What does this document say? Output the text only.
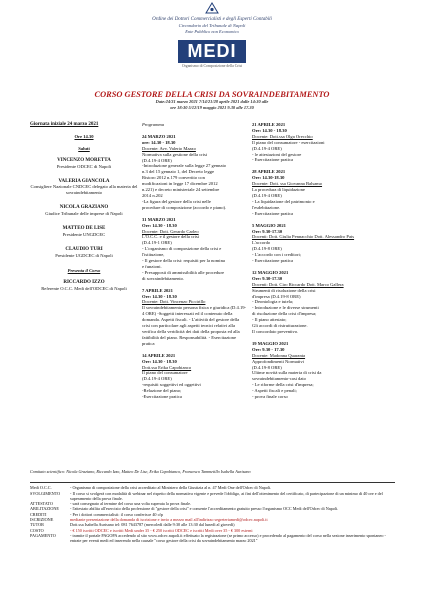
Ordine dei Dottori Commercialisti e degli Esperti Contabili
Circondario del Tribunale di Napoli
Ente Pubblico non Economico
MEDI
Organismo di Composizione della Crisi
CORSO GESTORE DELLA CRISI DA SOVRAINDEBITAMENTO
Date:24/31 marzo 2021 7/14/21/28 aprile 2021 dalle 14:30 alle
ore 18:30 5/12/19 maggio 2021 9.30 alle 17.30
Giornata iniziale 24 marzo 2021
Ore 14.30
Saluti
VINCENZO MORETTA
Presidente ODCEC di Napoli
VALERIA GIANCOLA
Consigliere Nazionale CNDCEC delegato alla materia del sovraindebitamento
NICOLA GRAZIANO
Giudice Tribunale delle imprese di Napoli
MATTEO DE LISE
Presidente UNGDCEC
CLAUDIO TURI
Presidente UGDCEC di Napoli
Presenta il Corso
RICCARDO IZZO
Referente O.C.C. Medi dell'ODCEC di Napoli
Programma
24 MARZO 2021
ore: 14.30 - 18.30
Docente: Avv. Valerio Maazo
Normativa sulla gestione della crisi
(D.4.19-4 ORE)
-Introduzione generale sulla legge 27 gennaio
n.3 del 15 gennaio 1, del Decreto legge
Ristoro 2012 n.179 convertito con
modificazioni in legge 17 dicembre 2012
n.221) e decreto ministeriale 24 settembre
2014 n.202
-La figura del gestore della crisi nelle
procedure di composizione (accordo e piano).
31 MARZO 2021
Ore: 14.30 - 18.30
Docente: Dott. Gerardo Carleo
L'O.C.C. e il gestore della crisi
(D.4.19-1 ORE)
- L'organismo di composizione della crisi e
l'istituzione,
- Il gestore della crisi: requisiti per la nomina
e funzioni.
- Presupposti di ammissibilità alle procedure
di sovraindebitamento.
7 APRILE 2021
Ore: 14.30 - 18.30
Docente: Dott. Vincenzo Piccirillo
Il sovraindebitamento persona fisica e giuridica (D.4.19-4 ORE) -Soggetti interessati ed il contenuto della domanda. Aspetti fiscali. - L'attività del gestore della crisi con particolare agli aspetti tecnici relativi alla verifica della veridicità dei dati della proposta ed alla fattibilità del piano. Responsabilità. - Esercitazione pratica
14 APRILE 2021
Ore: 14.30 - 18.30
Dott.ssa Erika Capobianco
Il piano del consumatore
(D.4.19-4 ORE)
-requisiti soggettivi ed oggettivi
-Relazione del piano;
-Esercitazione pratica
21 APRILE 2021
Ore: 14.30 - 18.30
Docente: Dott.ssa Olga Orecchio
Il piano del consumatore - esercitazioni
(D.4.19-4 ORE)
- le attestazioni del gestore
- Esercitazione pratica
28 APRILE 2021
Ore: 14.30-18.30
Docente: Dott. ssa Giovanna Balsamo
La procedura di liquidazione
(D.4.19-4 ORE)
- La liquidazione del patrimonio e
l'esdebitazione.
- Esercitazione pratica
5 MAGGIO 2021
Ore: 9.30-17.30
Docenti: Dott. Giulia Pennacchio Dott. Alessandro Pais
L'accordo
(D.4.19-8 ORE)
- L'accordo con i creditori;
- Esercitazione pratica
12 MAGGIO 2021
Ore: 9.30-17.30
Docenti: Dott. Ciro Riccardo Dott. Marco Gallera
Strumenti di risoluzione della crisi
d'impresa (D.4.19-8 ORE)
- Deontologia e tutela;
- Introduzione e le diverse strumenti
di risoluzione della crisi d'impresa;
- Il piano attestato;
Gli accordi di ristrutturazione.
Il concordato preventivo.
19 MAGGIO 2021
Ore: 9.30 - 17.30
Docente: Madonna Quaranta
Approfondimenti Normativi
(D.4.19-8 ORE)
Ultime novità sulla materia di crisi da
sovraindebitamento-casi dato
- Le riforme della crisi d'impresa;
- Aspetti fiscali e penali;
- prova finale corso
Comitato scientifico: Nicola Graziano, Riccardo Izzo, Matteo De Lise, Erika Capobianco, Francesco Tammetillo Isabella Aurisano
Medi O.C.C.	- Organismo di composizione della crisi accreditato al Ministero della Giustizia al n. 47 Medi One dell'Odcec di Napoli.
SVOLGIMENTO	- Il corso si svolgerà con modalità di webinar nel rispetto della normativa vigente e prevede l'obbligo, ai fini dell'ottenimento del certificato, di partecipazione di un minimo di 40 ore e del superamento della prova finale.
ATTESTATO	- sarà consegnato al termine del corso una volta superata la prova finale.
ABILITAZIONE	- l'attestato abilita all'esercizio della professione di "gestore della crisi" e consente l'accreditamento gratuito presso l'organismo OCC Medi dell'Odcec di Napoli.
CREDITI	- Per i dottori commercialisti: il corso conferisce 40 cfp
ISCRIZIONE	mediante presentazione della domanda di iscrizione e invio a mezzo mail all'indirizzo segreteriamedi@odcec.napoli.it
TUTOR	Dott.ssa Isabella Aurisano tel: 081 7643787 (mercoledì dalle 9:30 alle 13:30 dal lunedì al giovedì)
COSTO	- € 150 iscritti ODCEC e iscritti Medi under 35 - € 250 iscritti ODCEC e iscritti Medi over 35 - € 300 esterni
PAGAMENTO	- tramite il portale PAGOPA accedendo al sito www.odcec.napoli.it effettuato la registrazione (se primo accesso) e procedendo al pagamento del corso nella sezione inserimento spontaneo - entrate per eventi medi ed inserendo nella causale "corso gestore della crisi da sovraindebitamento marzo 2021"
